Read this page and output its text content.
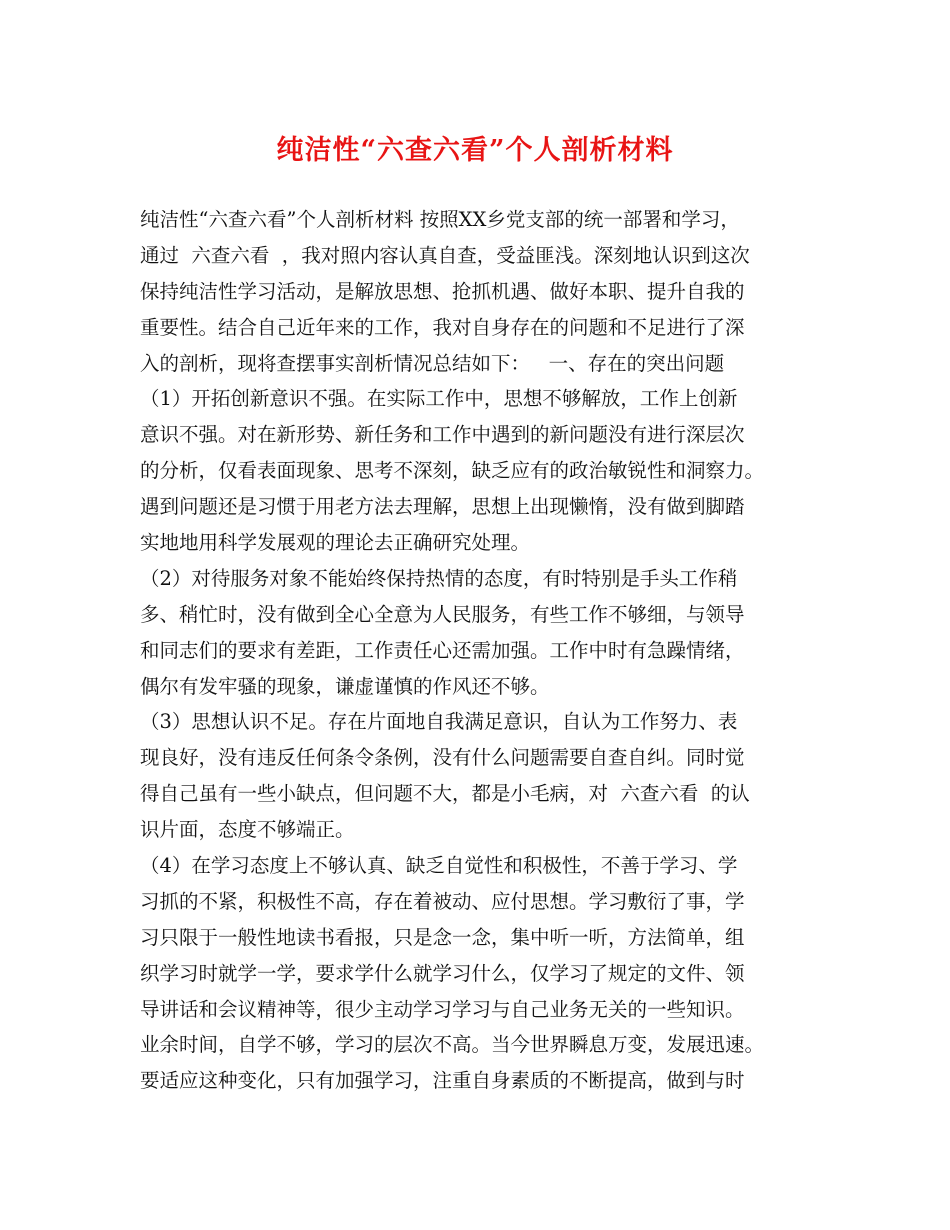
纯洁性“六查六看”个人剖析材料
纯洁性“六查六看”个人剖析材料 按照XX乡党支部的统一部署和学习，
通过  六查六看  ，我对照内容认真自查，受益匪浅。深刻地认识到这次
保持纯洁性学习活动，是解放思想、抢抓机遇、做好本职、提升自我的
重要性。结合自己近年来的工作，我对自身存在的问题和不足进行了深
入的剖析，现将查摆事实剖析情况总结如下：   一、存在的突出问题
（1）开拓创新意识不强。在实际工作中，思想不够解放，工作上创新
意识不强。对在新形势、新任务和工作中遇到的新问题没有进行深层次
的分析，仅看表面现象、思考不深刻，缺乏应有的政治敏锐性和洞察力。
遇到问题还是习惯于用老方法去理解，思想上出现懒惰，没有做到脚踏
实地地用科学发展观的理论去正确研究处理。
（2）对待服务对象不能始终保持热情的态度，有时特别是手头工作稍
多、稍忙时，没有做到全心全意为人民服务，有些工作不够细，与领导
和同志们的要求有差距，工作责任心还需加强。工作中时有急躁情绪，
偶尔有发牢骚的现象，谦虚谨慎的作风还不够。
（3）思想认识不足。存在片面地自我满足意识，自认为工作努力、表
现良好，没有违反任何条令条例，没有什么问题需要自查自纠。同时觉
得自己虽有一些小缺点，但问题不大，都是小毛病，对  六查六看  的认
识片面，态度不够端正。
（4）在学习态度上不够认真、缺乏自觉性和积极性，不善于学习、学
习抓的不紧，积极性不高，存在着被动、应付思想。学习敷衍了事，学
习只限于一般性地读书看报，只是念一念，集中听一听，方法简单，组
织学习时就学一学，要求学什么就学习什么，仅学习了规定的文件、领
导讲话和会议精神等，很少主动学习学习与自己业务无关的一些知识。
业余时间，自学不够，学习的层次不高。当今世界瞬息万变，发展迅速。
要适应这种变化，只有加强学习，注重自身素质的不断提高，做到与时
